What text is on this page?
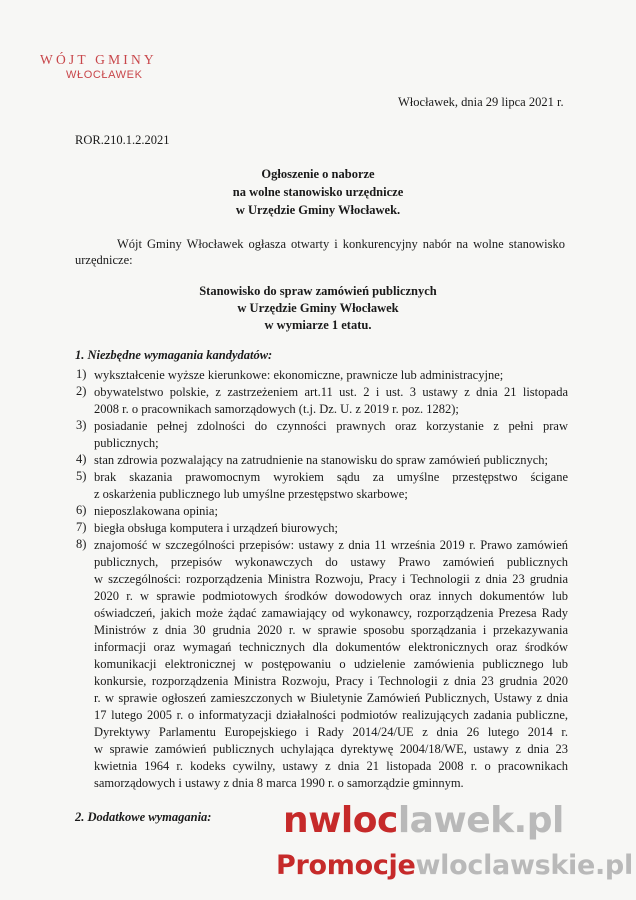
WÓJT GMINY
WŁOCŁAWEK
Włocławek, dnia 29 lipca 2021 r.
ROR.210.1.2.2021
Ogłoszenie o naborze
na wolne stanowisko urzędnicze
w Urzędzie Gminy Włocławek.
Wójt Gminy Włocławek ogłasza otwarty i konkurencyjny nabór na wolne stanowisko
urzędnicze:
Stanowisko do spraw zamówień publicznych
w Urzędzie Gminy Włocławek
w wymiarze 1 etatu.
1. Niezbędne wymagania kandydatów:
1) wykształcenie wyższe kierunkowe: ekonomiczne, prawnicze lub administracyjne;
2) obywatelstwo polskie, z zastrzeżeniem art.11 ust. 2 i ust. 3 ustawy z dnia 21 listopada
2008 r. o pracownikach samorządowych (t.j. Dz. U. z 2019 r. poz. 1282);
3) posiadanie pełnej zdolności do czynności prawnych oraz korzystanie z pełni praw
publicznych;
4) stan zdrowia pozwalający na zatrudnienie na stanowisku do spraw zamówień publicznych;
5) brak skazania prawomocnym wyrokiem sądu za umyślne przestępstwo ścigane
z oskarżenia publicznego lub umyślne przestępstwo skarbowe;
6) nieposzlakowana opinia;
7) biegła obsługa komputera i urządzeń biurowych;
8) znajomość w szczególności przepisów: ustawy z dnia 11 września 2019 r. Prawo zamówień
publicznych, przepisów wykonawczych do ustawy Prawo zamówień publicznych
w szczególności: rozporządzenia Ministra Rozwoju, Pracy i Technologii z dnia 23 grudnia
2020 r. w sprawie podmiotowych środków dowodowych oraz innych dokumentów lub
oświadczeń, jakich może żądać zamawiający od wykonawcy, rozporządzenia Prezesa Rady
Ministrów z dnia 30 grudnia 2020 r. w sprawie sposobu sporządzania i przekazywania
informacji oraz wymagań technicznych dla dokumentów elektronicznych oraz środków
komunikacji elektronicznej w postępowaniu o udzielenie zamówienia publicznego lub
konkursie, rozporządzenia Ministra Rozwoju, Pracy i Technologii z dnia 23 grudnia 2020
r. w sprawie ogłoszeń zamieszczonych w Biuletynie Zamówień Publicznych, Ustawy z dnia
17 lutego 2005 r. o informatyzacji działalności podmiotów realizujących zadania publiczne,
Dyrektywy Parlamentu Europejskiego i Rady 2014/24/UE z dnia 26 lutego 2014 r.
w sprawie zamówień publicznych uchylająca dyrektywę 2004/18/WE, ustawy z dnia 23
kwietnia 1964 r. kodeks cywilny, ustawy z dnia 21 listopada 2008 r. o pracownikach
samorządowych i ustawy z dnia 8 marca 1990 r. o samorządzie gminnym.
2. Dodatkowe wymagania: nwloclawek.pl
Promocjewloclawskie.pl
